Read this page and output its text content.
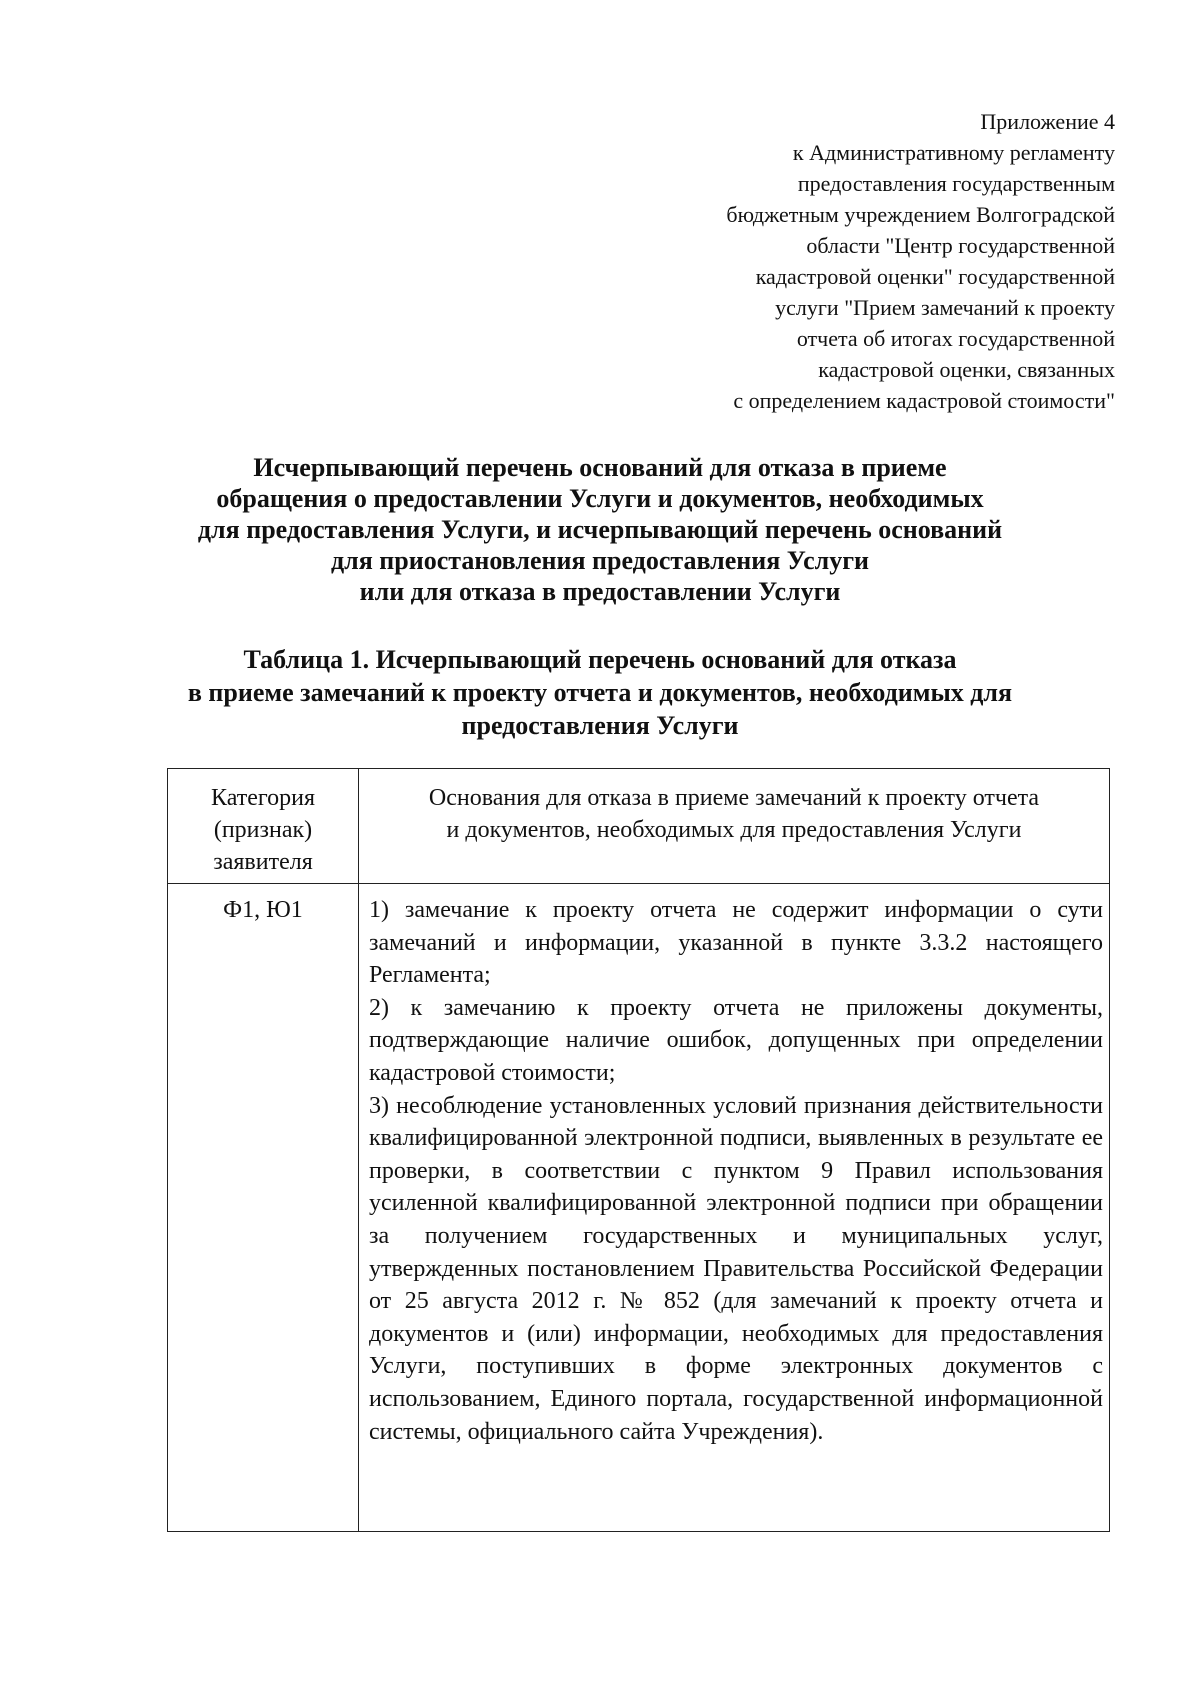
Приложение 4
к Административному регламенту
предоставления государственным
бюджетным учреждением Волгоградской
области "Центр государственной
кадастровой оценки" государственной
услуги "Прием замечаний к проекту
отчета об итогах государственной
кадастровой оценки, связанных
с определением кадастровой стоимости"
Исчерпывающий перечень оснований для отказа в приеме
обращения о предоставлении Услуги и документов, необходимых
для предоставления Услуги, и исчерпывающий перечень оснований
для приостановления предоставления Услуги
или для отказа в предоставлении Услуги
Таблица 1. Исчерпывающий перечень оснований для отказа
в приеме замечаний к проекту отчета и документов, необходимых для
предоставления Услуги
Категория
(признак)
заявителя
Основания для отказа в приеме замечаний к проекту отчета
и документов, необходимых для предоставления Услуги
Ф1, Ю1	1) замечание к проекту отчета не содержит информации о сути замечаний и информации, указанной в пункте 3.3.2 настоящего Регламента;

2) к замечанию к проекту отчета не приложены документы, подтверждающие наличие ошибок, допущенных при определении кадастровой стоимости;

3) несоблюдение установленных условий признания действительности квалифицированной электронной подписи, выявленных в результате ее проверки, в соответствии с пунктом 9 Правил использования усиленной квалифицированной электронной подписи при обращении за получением государственных и муниципальных услуг, утвержденных постановлением Правительства Российской Федерации от 25 августа 2012 г. № 852 (для замечаний к проекту отчета и документов и (или) информации, необходимых для предоставления Услуги, поступивших в форме электронных документов с использованием, Единого портала, государственной информационной системы, официального сайта Учреждения).
